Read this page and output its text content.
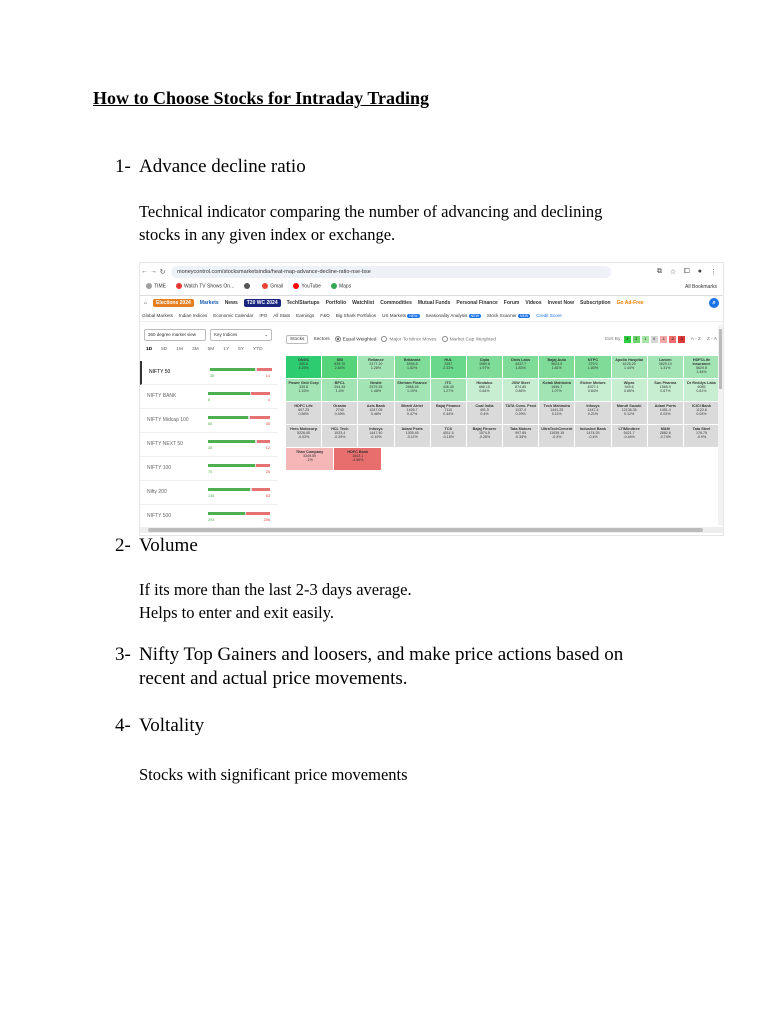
How to Choose Stocks for Intraday Trading
1- Advance decline ratio
Technical indicator comparing the number of advancing and declining
stocks in any given index or exchange.
← → ↻ moneycontrol.com/stocksmarketsindia/heat-map-advance-decline-ratio-nse-bse	⧉ ☆ ⧠ ● ⋮
TIME	Watch TV Shows On...	Gmail	YouTube	Maps	All Bookmarks
⌂	Elections 2024	Markets News	T20 WC 2024	Tech/Startups Portfolio Watchlist Commodities Mutual Funds Personal Finance Forum Videos Invest Now Subscription Go Ad-Free	⌕
Global Markets Indian Indices Economic Calendar IPO All Stats Earnings F&O Big Shark Portfolios US Markets NEW	Seasonality Analysis NEW	Stock Scanner NEW	Credit Score
360 degree market view	Key Indices	⌄
1D 5D 1M 3M 6M 1Y 5Y YTD
NIFTY 50
36	14
NIFTY BANK
8	4
NIFTY Midcap 100
65	35
NIFTY NEXT 50
38	12
NIFTY 100
75	25
Nifty 200
136	63
NIFTY 500
293	206
Stocks	Sectors	Equal Weighted	Major To Minor Moves	Market Cap Weighted	Sort By:	3	2	1	0	-1	-2	-3	A - Z Z - A
ONGC
280.6
4.25%
SBI
839.70
2.84%
Reliance
3177.20
1.28%
Britannia
5394.8
1.82%
HUL
2497
2.33%
Cipla
1569.8
1.97%
Divis Labs
4437.7
1.83%
Bajaj Auto
9623.5
1.81%
NTPC
379.9
1.80%
Apollo Hospital
6126.25
1.44%
Larsen
3629.10
1.31%
HDFCLife Insurance
5629.8
1.44%
Power Grid Corp
339.8
1.15%
BPCL
294.45
1.4%
Nestle
2579.35
1.48%
Shriram Finance
2668.45
1.19%
ITC
436.45
1.27%
Hindalco
688.15
0.84%
JSW Steel
874.85
0.86%
Kotak Mahindra
1656.7
1.07%
Eicher Motors
4927.1
0.84%
Wipro
549.6
0.65%
Sun Pharma
1565.9
0.67%
Dr Reddys Labs
6085
0.81%
HDFC Life
607.25
0.56%
Grasim
2740
0.49%
Axis Bank
1247.05
0.48%
Bharti Airtel
1426.7
0.47%
Bajaj Finance
7110
0.44%
Coal India
491.5
0.4%
TATA Cons. Prod
1137.4
0.29%
Tech Mahindra
1441.25
0.11%
Infosys
1447.4
0.21%
Maruti Suzuki
12136.35
0.12%
Adani Ports
1451.4
0.03%
ICICI Bank
1122.6
0.03%
Hero Motocorp
5226.65
-0.03%
HCL Tech
1533.4
-0.29%
Infosys
1447.40
-0.19%
Adani Ports
1305.45
-0.11%
TCS
4011.5
-0.15%
Bajaj Finserv
1574.5
-0.26%
Tata Motors
997.65
-0.34%
UltraTechCement
11039.15
-0.3%
IndusInd Bank
1474.25
-0.4%
LTIMindtree
5421.7
-0.44%
M&M
2882.6
-0.74%
Tata Steel
176.75
-0.9%
Titan Company
3349.50
-1%
HDFC Bank
1643.1
-4.56%
2- Volume
If its more than the last 2-3 days average.
Helps to enter and exit easily.
3- Nifty Top Gainers and loosers, and make price actions based on
recent and actual price movements.
4- Voltality
Stocks with significant price movements
